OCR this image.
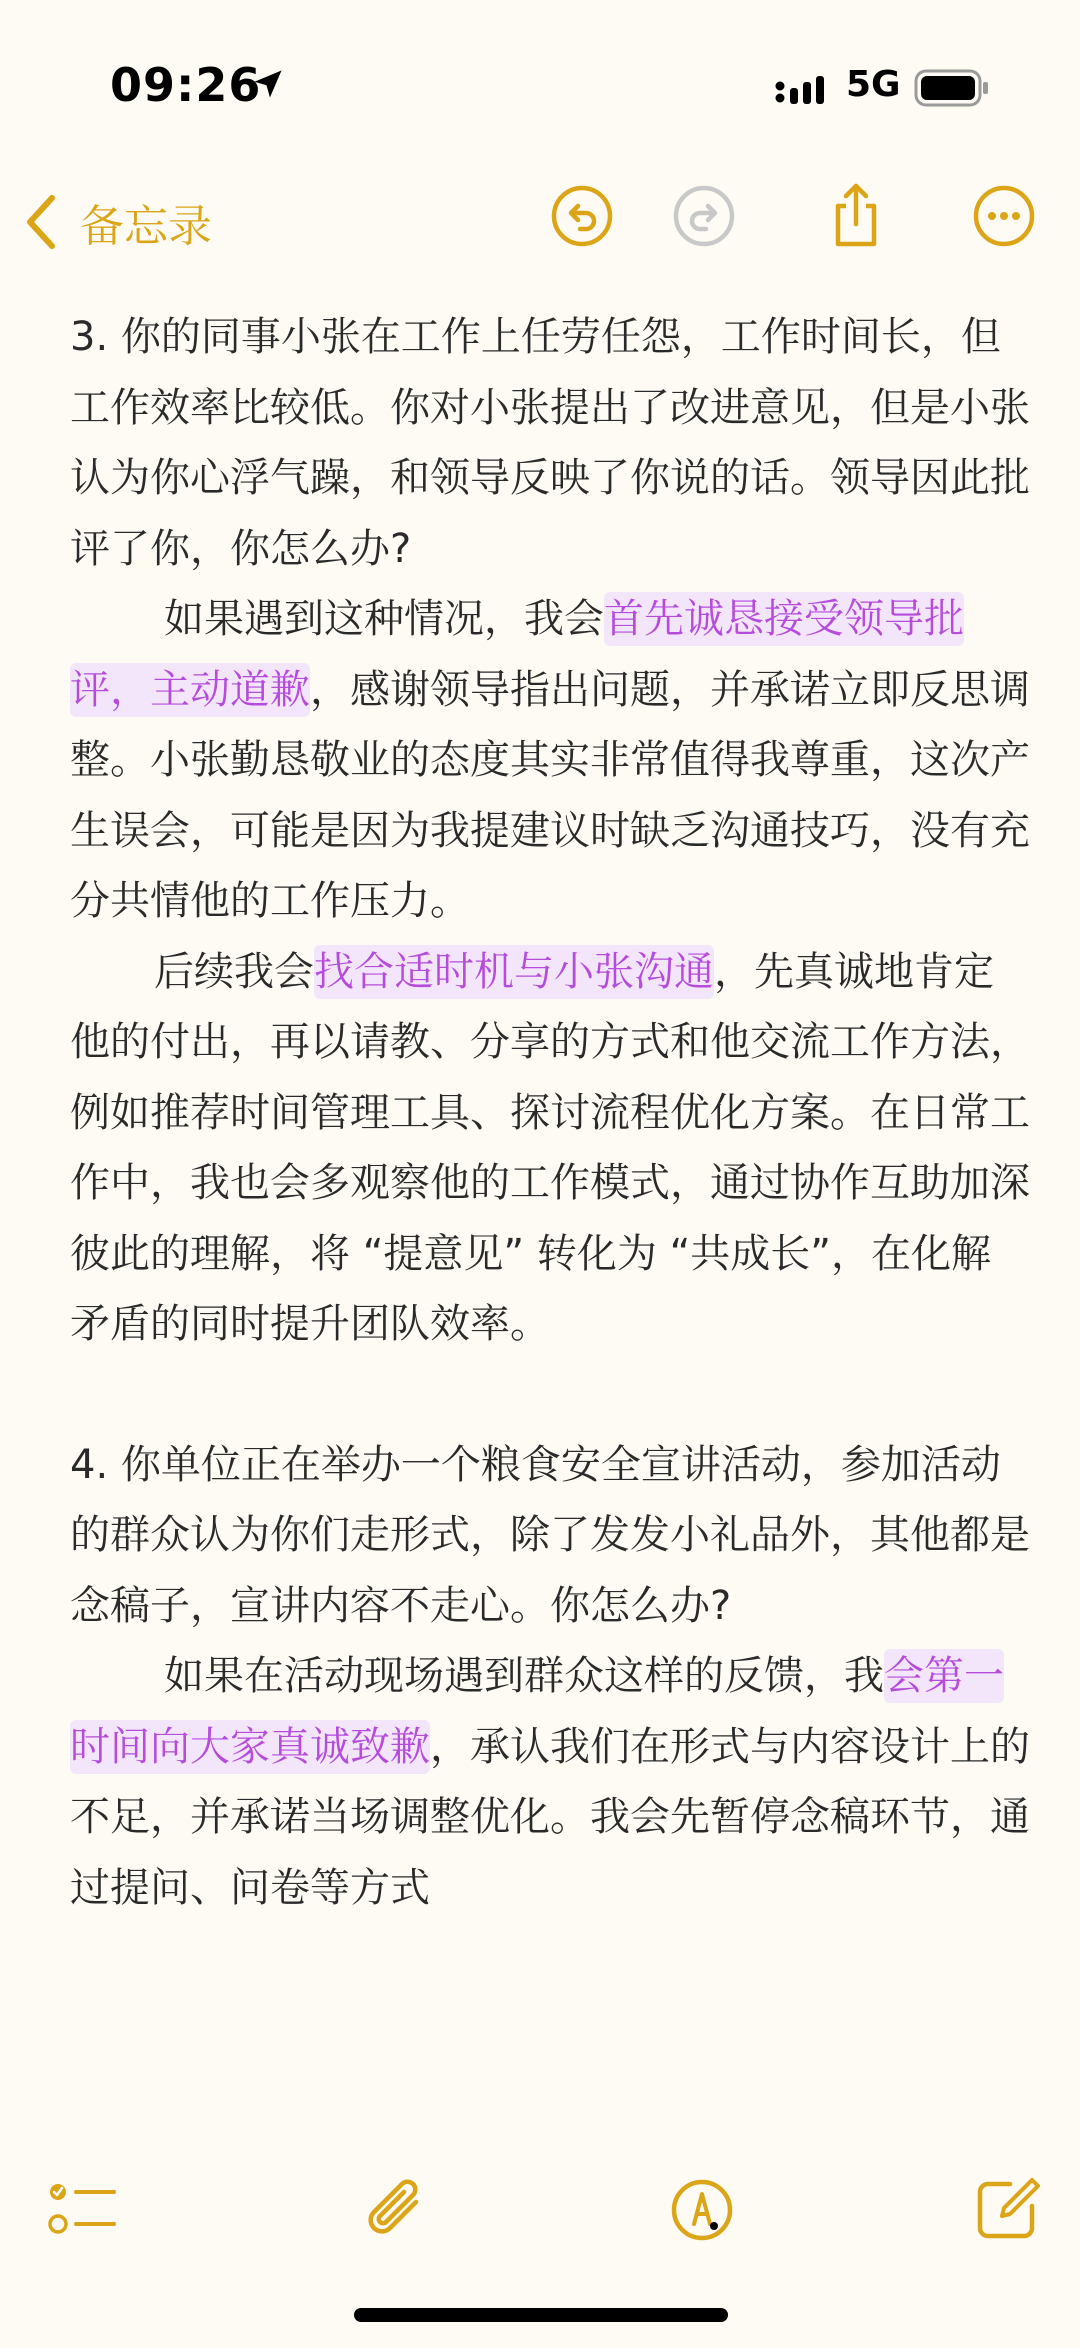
09:26	5G
备忘录

3. 你的同事小张在工作上任劳任怨，工作时间长，但工作效率比较低。你对小张提出了改进意见，但是小张认为你心浮气躁，和领导反映了你说的话。领导因此批评了你，你怎么办?

如果遇到这种情况，我会首先诚恳接受领导批评，主动道歉，感谢领导指出问题，并承诺立即反思调整。小张勤恳敬业的态度其实非常值得我尊重，这次产生误会，可能是因为我提建议时缺乏沟通技巧，没有充分共情他的工作压力。

后续我会找合适时机与小张沟通，先真诚地肯定他的付出，再以请教、分享的方式和他交流工作方法，例如推荐时间管理工具、探讨流程优化方案。在日常工作中，我也会多观察他的工作模式，通过协作互助加深彼此的理解，将 “提意见” 转化为 “共成长”，在化解矛盾的同时提升团队效率。

4. 你单位正在举办一个粮食安全宣讲活动，参加活动的群众认为你们走形式，除了发发小礼品外，其他都是念稿子，宣讲内容不走心。你怎么办?

如果在活动现场遇到群众这样的反馈，我会第一时间向大家真诚致歉，承认我们在形式与内容设计上的不足，并承诺当场调整优化。我会先暂停念稿环节，通过提问、问卷等方式
